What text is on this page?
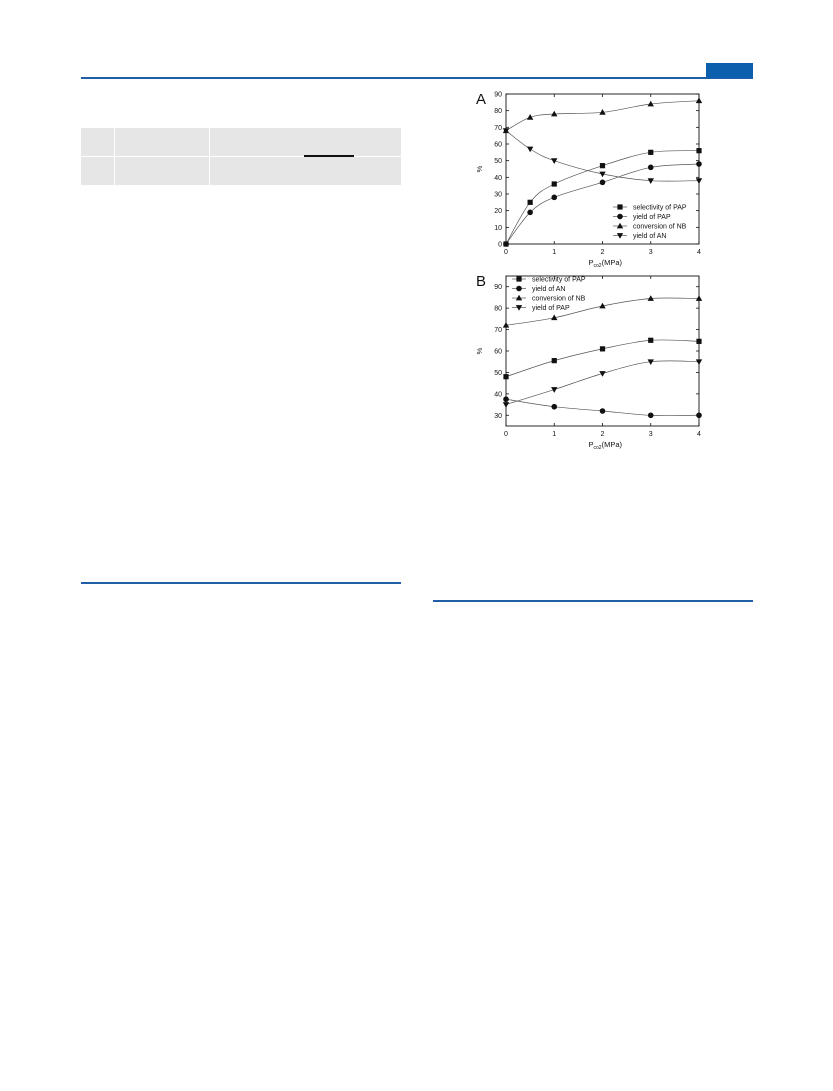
A
0
10
20
30
40
50
60
70
80
90
0	1	2	3	4
$P_{co2}(MPa)$
%
selectivity of PAP
yield of PAP
conversion of NB
yield of AN
B
30
40
50
60
70
80
90
0	1	2	3	4
$P_{co2}(MPa)$
%
selectivity of PAP
yield of AN
conversion of NB
yield of PAP
